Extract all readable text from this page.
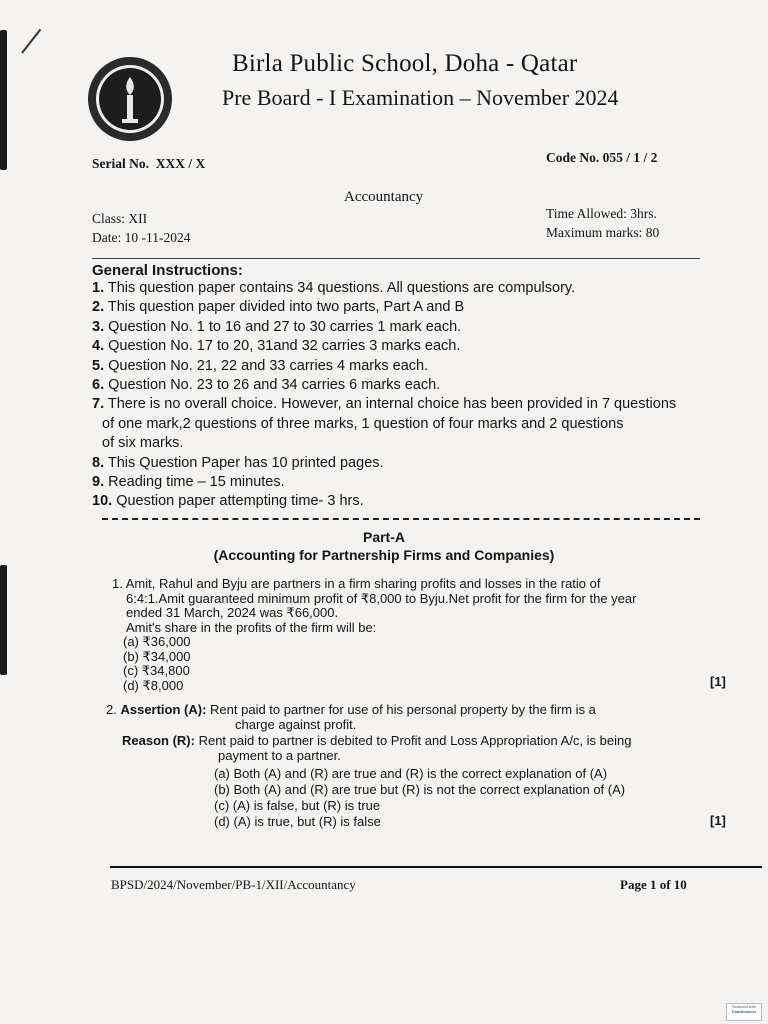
Birla Public School, Doha - Qatar
Pre Board - I Examination – November 2024
Serial No. XXX / X	Code No. 055 / 1 / 2
Accountancy
Class: XII
Date: 10 -11-2024
Time Allowed: 3hrs.
Maximum marks: 80
General Instructions:
1. This question paper contains 34 questions. All questions are compulsory.
2. This question paper divided into two parts, Part A and B
3. Question No. 1 to 16 and 27 to 30 carries 1 mark each.
4. Question No. 17 to 20, 31and 32 carries 3 marks each.
5. Question No. 21, 22 and 33 carries 4 marks each.
6. Question No. 23 to 26 and 34 carries 6 marks each.
7. There is no overall choice. However, an internal choice has been provided in 7 questions
of one mark,2 questions of three marks, 1 question of four marks and 2 questions
of six marks.
8. This Question Paper has 10 printed pages.
9. Reading time – 15 minutes.
10. Question paper attempting time- 3 hrs.
Part-A
(Accounting for Partnership Firms and Companies)
1. Amit, Rahul and Byju are partners in a firm sharing profits and losses in the ratio of
6:4:1.Amit guaranteed minimum profit of ₹8,000 to Byju.Net profit for the firm for the year
ended 31 March, 2024 was ₹66,000.
Amit's share in the profits of the firm will be:
(a) ₹36,000
(b) ₹34,000
(c) ₹34,800
(d) ₹8,000	[1]
2. Assertion (A): Rent paid to partner for use of his personal property by the firm is a
charge against profit.
Reason (R): Rent paid to partner is debited to Profit and Loss Appropriation A/c, is being
payment to a partner.
(a) Both (A) and (R) are true and (R) is the correct explanation of (A)
(b) Both (A) and (R) are true but (R) is not the correct explanation of (A)
(c) (A) is false, but (R) is true
(d) (A) is true, but (R) is false	[1]
BPSD/2024/November/PB-1/XII/Accountancy	Page 1 of 10
Scanned with
CamScanner
